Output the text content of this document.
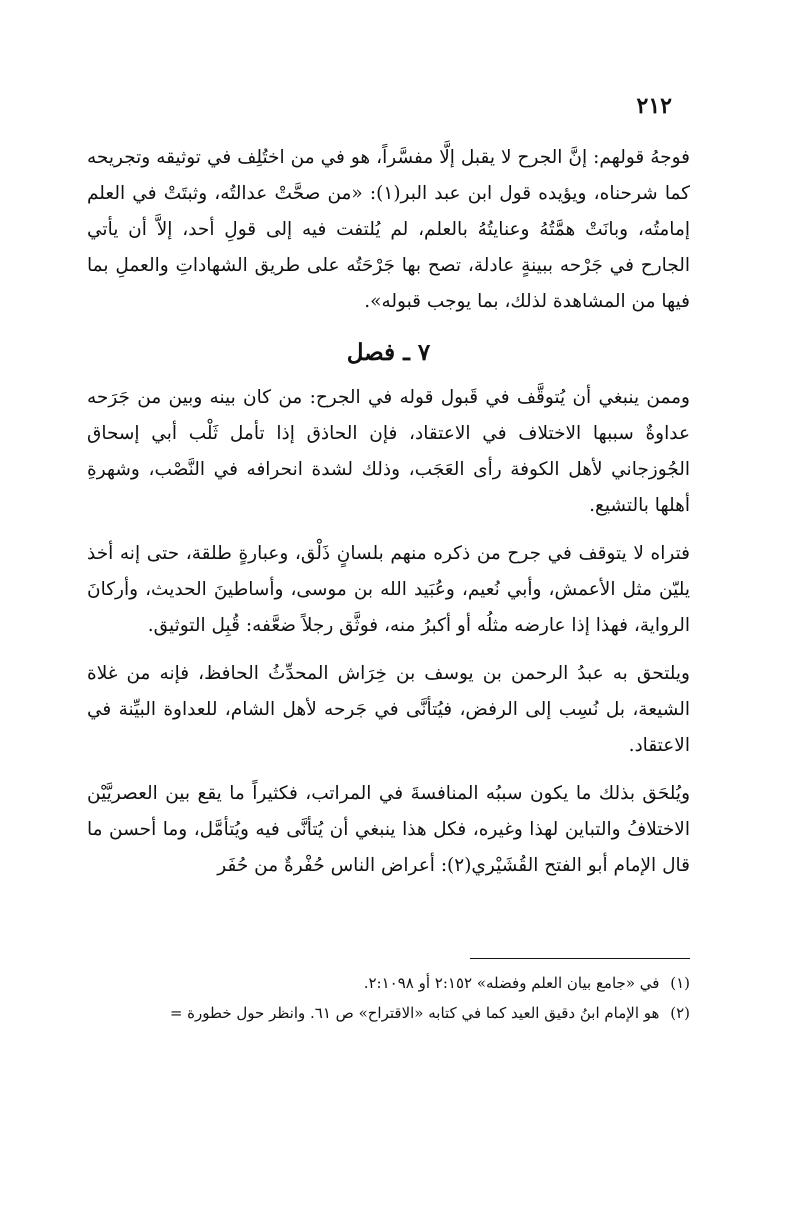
٢١٢

فوجهُ قولهم: إنَّ الجرح لا يقبل إلَّا مفسَّراً، هو في من اختُلِف في توثيقه وتجريحه كما شرحناه، ويؤيده قول ابن عبد البر(١): «من صحَّتْ عدالتُه، وثبتَتْ في العلم إمامتُه، وبانَتْ همَّتُهُ وعنايتُهُ بالعلم، لم يُلتفت فيه إلى قولِ أحد، إلاَّ أن يأتي الجارح في جَرْحه ببينةٍ عادلة، تصح بها جَرْحَتُه على طريق الشهاداتِ والعملِ بما فيها من المشاهدة لذلك، بما يوجب قبوله».

٧ ـ فصل

وممن ينبغي أن يُتوقَّف في قَبول قوله في الجرح: من كان بينه وبين من جَرَحه عداوةٌ سببها الاختلاف في الاعتقاد، فإن الحاذق إذا تأمل ثَلْب أبي إسحاق الجُوزجاني لأهل الكوفة رأى العَجَب، وذلك لشدة انحرافه في النَّصْب، وشهرةِ أهلها بالتشيع.

فتراه لا يتوقف في جرح من ذكره منهم بلسانٍ ذَلْق، وعبارةٍ طلقة، حتى إنه أخذ يليّن مثل الأعمش، وأبي نُعيم، وعُبَيد الله بن موسى، وأساطينَ الحديث، وأركانَ الرواية، فهذا إذا عارضه مثلُه أو أكبرُ منه، فوثَّق رجلاً ضعَّفه: قُبِل التوثيق.

ويلتحق به عبدُ الرحمن بن يوسف بن خِرَاش المحدِّثُ الحافظ، فإنه من غلاة الشيعة، بل نُسِب إلى الرفض، فيُتأنَّى في جَرحه لأهل الشام، للعداوة البيِّنة في الاعتقاد.

ويُلحَق بذلك ما يكون سببُه المنافسةَ في المراتب، فكثيراً ما يقع بين العصريَّيْن الاختلافُ والتباين لهذا وغيره، فكل هذا ينبغي أن يُتأنَّى فيه ويُتأمَّل، وما أحسن ما قال الإمام أبو الفتح القُشَيْري(٢): أعراض الناس حُفْرةٌ من حُفَر

(١) في «جامع بيان العلم وفضله» ٢:١٥٢ أو ٢:١٠٩٨.

(٢) هو الإمام ابنُ دقيق العيد كما في كتابه «الاقتراح» ص ٦١. وانظر حول خطورة =
